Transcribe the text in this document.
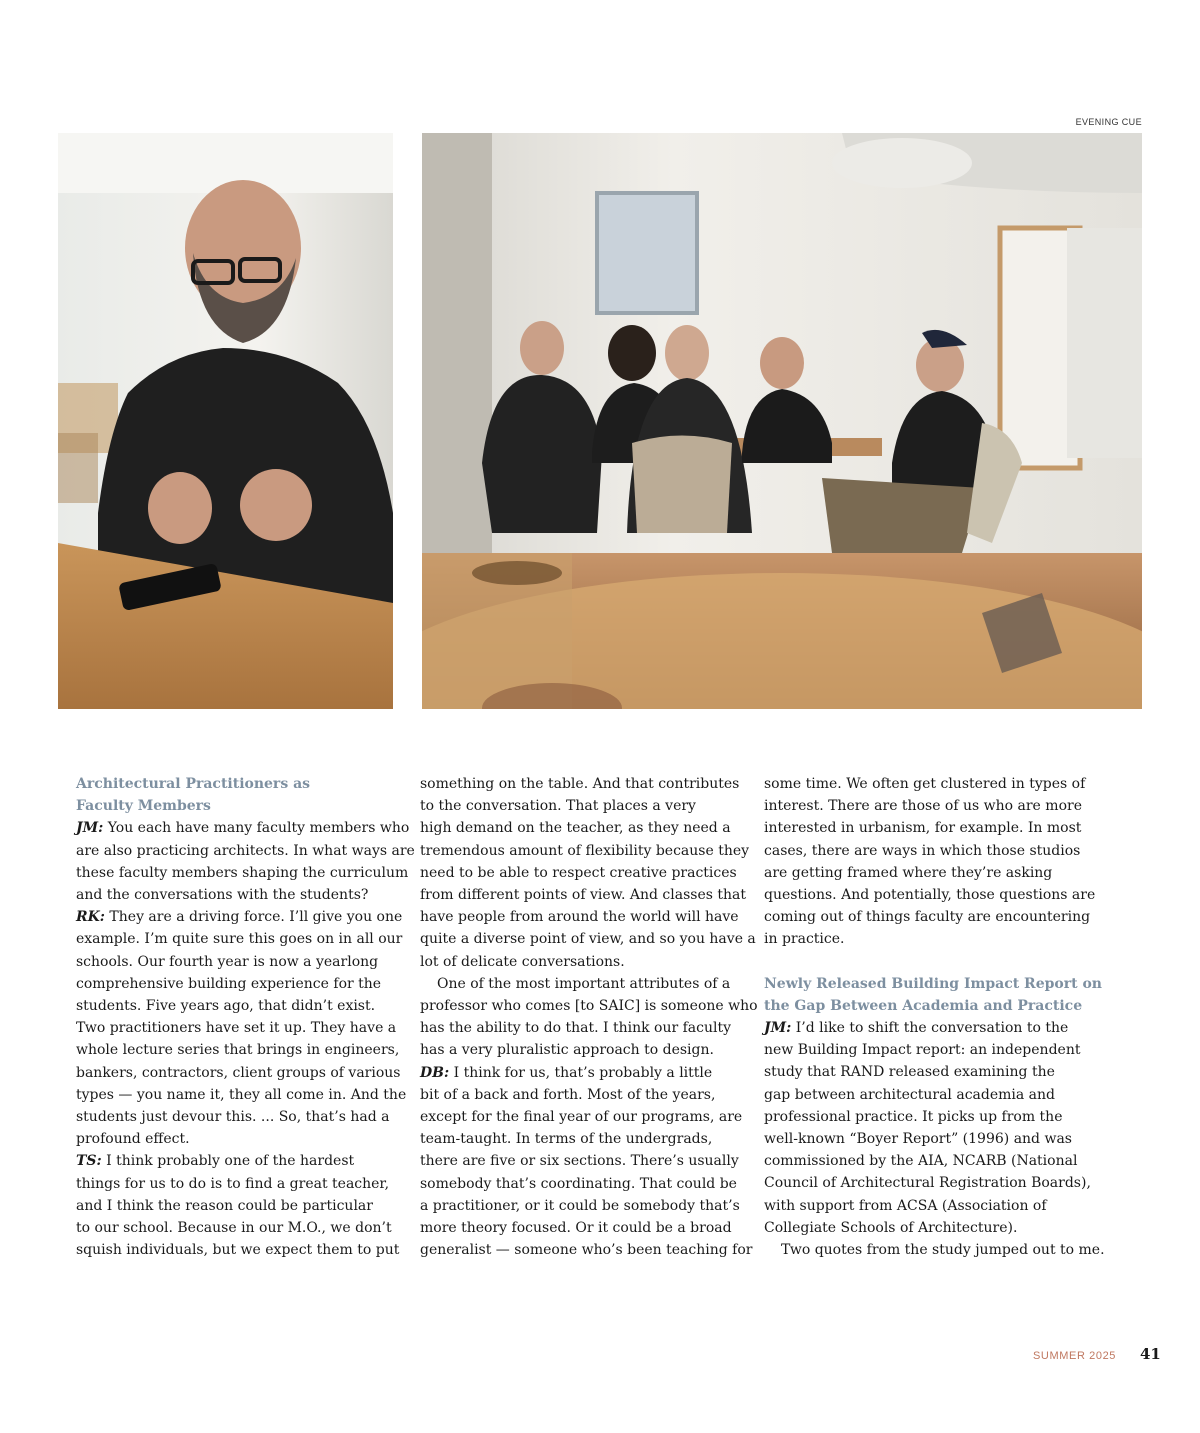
EVENING CUE

Architectural Practitioners as
Faculty Members

JM: You each have many faculty members who
are also practicing architects. In what ways are
these faculty members shaping the curriculum
and the conversations with the students?

RK: They are a driving force. I’ll give you one
example. I’m quite sure this goes on in all our
schools. Our fourth year is now a yearlong
comprehensive building experience for the
students. Five years ago, that didn’t exist.
Two practitioners have set it up. They have a
whole lecture series that brings in engineers,
bankers, contractors, client groups of various
types — you name it, they all come in. And the
students just devour this. ... So, that’s had a
profound effect.

TS: I think probably one of the hardest
things for us to do is to find a great teacher,
and I think the reason could be particular
to our school. Because in our M.O., we don’t
squish individuals, but we expect them to put

something on the table. And that contributes
to the conversation. That places a very
high demand on the teacher, as they need a
tremendous amount of flexibility because they
need to be able to respect creative practices
from different points of view. And classes that
have people from around the world will have
quite a diverse point of view, and so you have a
lot of delicate conversations.

One of the most important attributes of a
professor who comes [to SAIC] is someone who
has the ability to do that. I think our faculty
has a very pluralistic approach to design.

DB: I think for us, that’s probably a little
bit of a back and forth. Most of the years,
except for the final year of our programs, are
team-taught. In terms of the undergrads,
there are five or six sections. There’s usually
somebody that’s coordinating. That could be
a practitioner, or it could be somebody that’s
more theory focused. Or it could be a broad
generalist — someone who’s been teaching for

some time. We often get clustered in types of
interest. There are those of us who are more
interested in urbanism, for example. In most
cases, there are ways in which those studios
are getting framed where they’re asking
questions. And potentially, those questions are
coming out of things faculty are encountering
in practice.

Newly Released Building Impact Report on
the Gap Between Academia and Practice

JM: I’d like to shift the conversation to the
new Building Impact report: an independent
study that RAND released examining the
gap between architectural academia and
professional practice. It picks up from the
well-known “Boyer Report” (1996) and was
commissioned by the AIA, NCARB (National
Council of Architectural Registration Boards),
with support from ACSA (Association of
Collegiate Schools of Architecture).

Two quotes from the study jumped out to me.

SUMMER 2025 41
